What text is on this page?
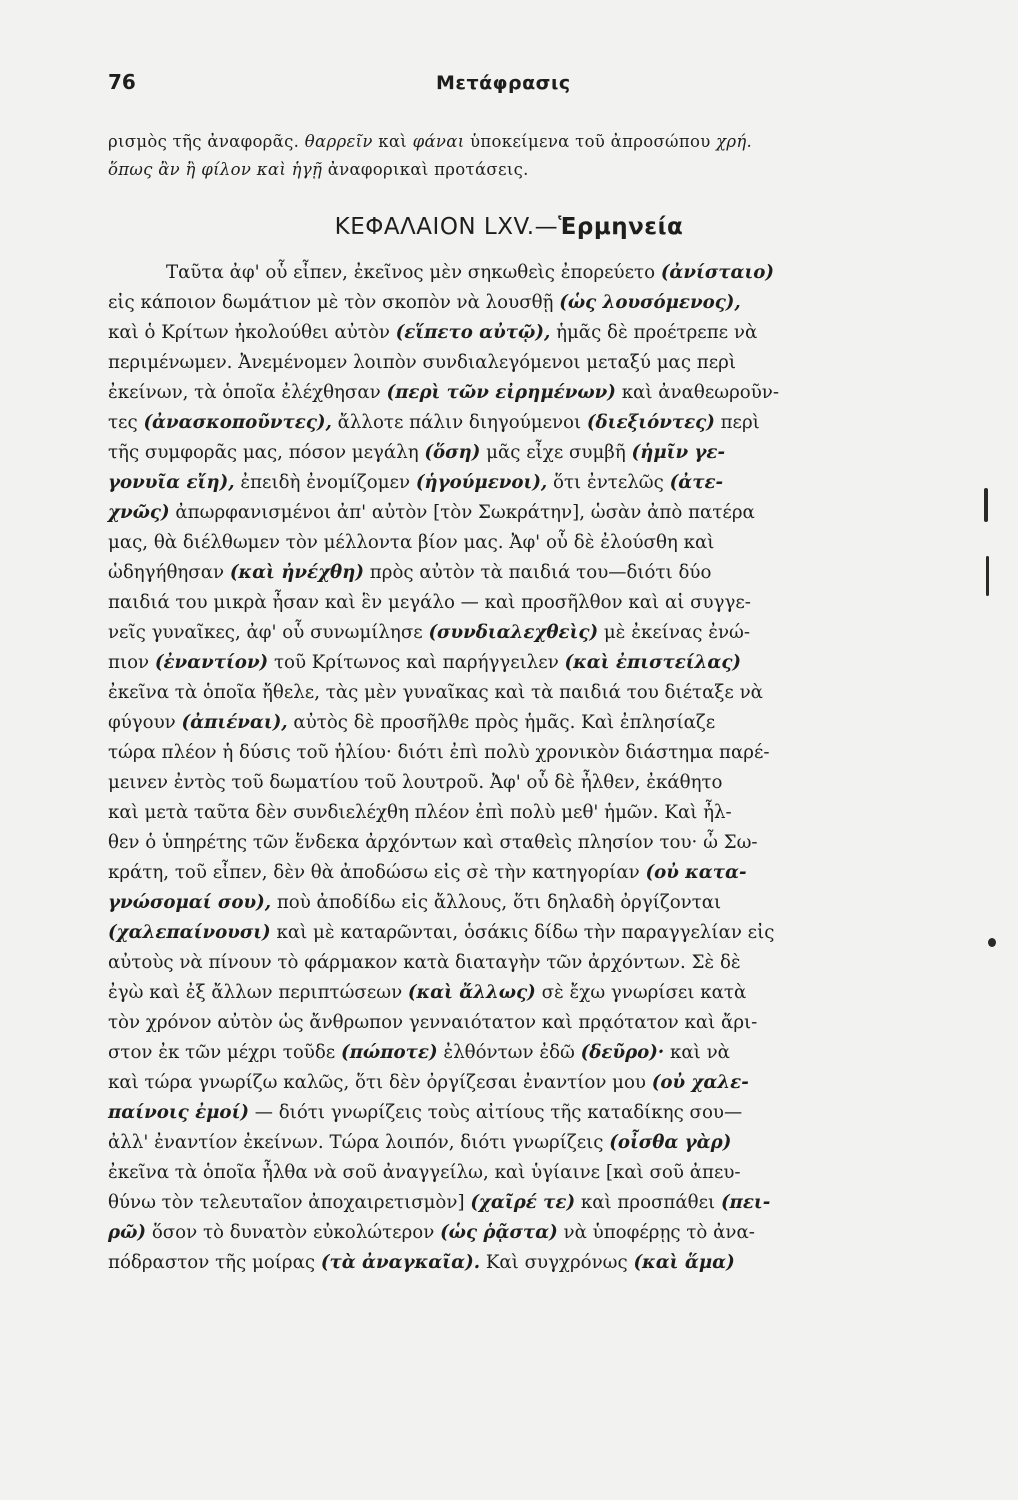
76	Μετάφρασις
ρισμὸς τῆς ἀναφορᾶς. θαρρεῖν καὶ φάναι ὑποκείμενα τοῦ ἀπροσώπου χρή.
ὅπως ἂν ἢ φίλον καὶ ἡγῇ ἀναφορικαὶ προτάσεις.
ΚΕΦΑΛΑΙΟΝ LXV.—Ἑρμηνεία
Ταῦτα ἀφ' οὗ εἶπεν, ἐκεῖνος μὲν σηκωθεὶς ἐπορεύετο (ἀνίσταιο)
εἰς κάποιον δωμάτιον μὲ τὸν σκοπὸν νὰ λουσθῇ (ὡς λουσόμενος),
καὶ ὁ Κρίτων ἠκολούθει αὐτὸν (εἵπετο αὐτῷ), ἡμᾶς δὲ προέτρεπε νὰ
περιμένωμεν. Ἀνεμένομεν λοιπὸν συνδιαλεγόμενοι μεταξύ μας περὶ
ἐκείνων, τὰ ὁποῖα ἐλέχθησαν (περὶ τῶν εἰρημένων) καὶ ἀναθεωροῦν-
τες (ἀνασκοποῦντες), ἄλλοτε πάλιν διηγούμενοι (διεξιόντες) περὶ
τῆς συμφορᾶς μας, πόσον μεγάλη (ὅση) μᾶς εἶχε συμβῆ (ἡμῖν γε-
γονυῖα εἴη), ἐπειδὴ ἐνομίζομεν (ἡγούμενοι), ὅτι ἐντελῶς (ἀτε-
χνῶς) ἀπωρφανισμένοι ἀπ' αὐτὸν [τὸν Σωκράτην], ὡσὰν ἀπὸ πατέρα
μας, θὰ διέλθωμεν τὸν μέλλοντα βίον μας. Ἀφ' οὗ δὲ ἐλούσθη καὶ
ὡδηγήθησαν (καὶ ἠνέχθη) πρὸς αὐτὸν τὰ παιδιά του—διότι δύο
παιδιά του μικρὰ ἦσαν καὶ ἓν μεγάλο — καὶ προσῆλθον καὶ αἱ συγγε-
νεῖς γυναῖκες, ἀφ' οὗ συνωμίλησε (συνδιαλεχθεὶς) μὲ ἐκείνας ἐνώ-
πιον (ἐναντίον) τοῦ Κρίτωνος καὶ παρήγγειλεν (καὶ ἐπιστείλας)
ἐκεῖνα τὰ ὁποῖα ἤθελε, τὰς μὲν γυναῖκας καὶ τὰ παιδιά του διέταξε νὰ
φύγουν (ἀπιέναι), αὐτὸς δὲ προσῆλθε πρὸς ἡμᾶς. Καὶ ἐπλησίαζε
τώρα πλέον ἡ δύσις τοῦ ἡλίου· διότι ἐπὶ πολὺ χρονικὸν διάστημα παρέ-
μεινεν ἐντὸς τοῦ δωματίου τοῦ λουτροῦ. Ἀφ' οὗ δὲ ἦλθεν, ἐκάθητο
καὶ μετὰ ταῦτα δὲν συνδιελέχθη πλέον ἐπὶ πολὺ μεθ' ἡμῶν. Καὶ ἦλ-
θεν ὁ ὑπηρέτης τῶν ἕνδεκα ἀρχόντων καὶ σταθεὶς πλησίον του· ὦ Σω-
κράτη, τοῦ εἶπεν, δὲν θὰ ἀποδώσω εἰς σὲ τὴν κατηγορίαν (οὐ κατα-
γνώσομαί σου), ποὺ ἀποδίδω εἰς ἄλλους, ὅτι δηλαδὴ ὀργίζονται
(χαλεπαίνουσι) καὶ μὲ καταρῶνται, ὁσάκις δίδω τὴν παραγγελίαν εἰς
αὐτοὺς νὰ πίνουν τὸ φάρμακον κατὰ διαταγὴν τῶν ἀρχόντων. Σὲ δὲ
ἐγὼ καὶ ἐξ ἄλλων περιπτώσεων (καὶ ἄλλως) σὲ ἔχω γνωρίσει κατὰ
τὸν χρόνον αὐτὸν ὡς ἄνθρωπον γενναιότατον καὶ πρᾳότατον καὶ ἄρι-
στον ἐκ τῶν μέχρι τοῦδε (πώποτε) ἐλθόντων ἐδῶ (δεῦρο)· καὶ νὰ
καὶ τώρα γνωρίζω καλῶς, ὅτι δὲν ὀργίζεσαι ἐναντίον μου (οὐ χαλε-
παίνοις ἐμοί) — διότι γνωρίζεις τοὺς αἰτίους τῆς καταδίκης σου—
ἀλλ' ἐναντίον ἐκείνων. Τώρα λοιπόν, διότι γνωρίζεις (οἶσθα γὰρ)
ἐκεῖνα τὰ ὁποῖα ἦλθα νὰ σοῦ ἀναγγείλω, καὶ ὑγίαινε [καὶ σοῦ ἀπευ-
θύνω τὸν τελευταῖον ἀποχαιρετισμὸν] (χαῖρέ τε) καὶ προσπάθει (πει-
ρῶ) ὅσον τὸ δυνατὸν εὐκολώτερον (ὡς ῥᾷστα) νὰ ὑποφέρῃς τὸ ἀνα-
πόδραστον τῆς μοίρας (τὰ ἀναγκαῖα). Καὶ συγχρόνως (καὶ ἅμα)
